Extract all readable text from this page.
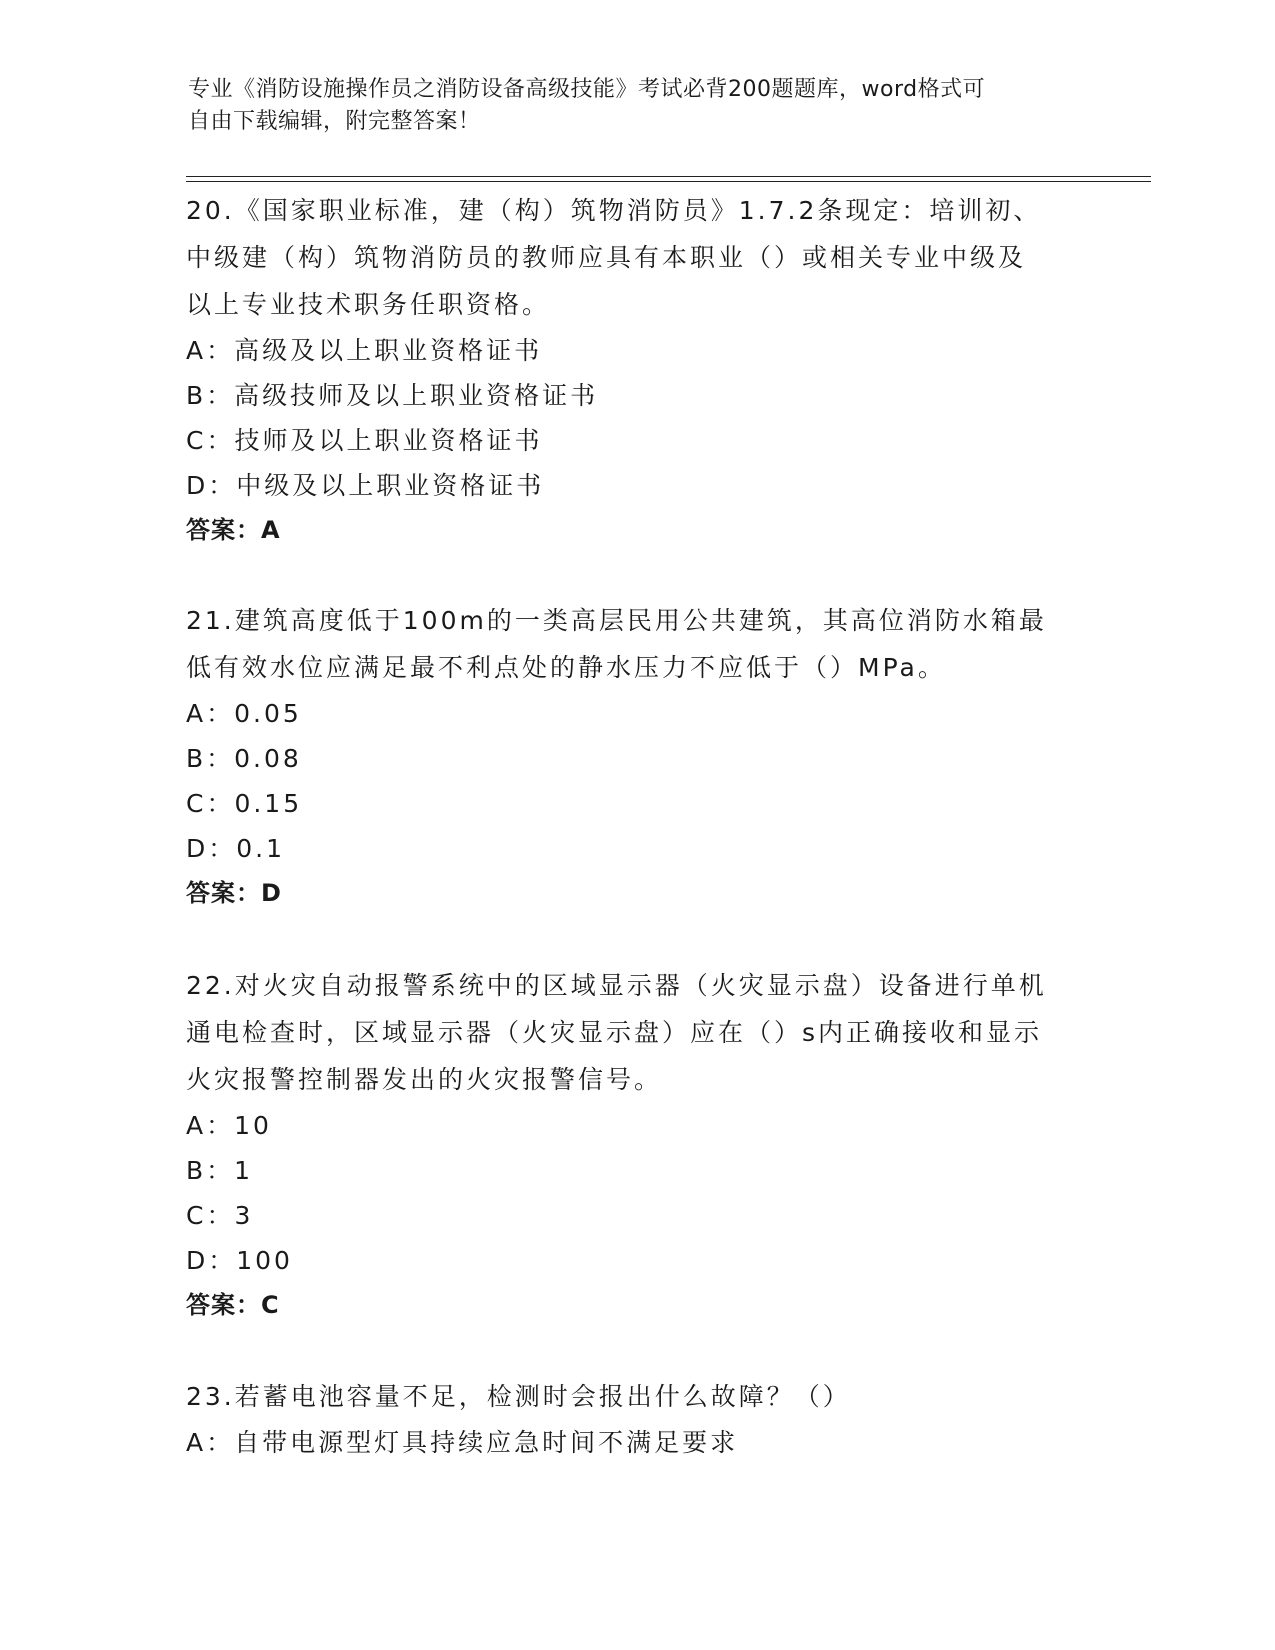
专业《消防设施操作员之消防设备高级技能》考试必背200题题库，word格式可
自由下载编辑，附完整答案！
20.《国家职业标准，建（构）筑物消防员》1.7.2条现定：培训初、
中级建（构）筑物消防员的教师应具有本职业（）或相关专业中级及
以上专业技术职务任职资格。
A：高级及以上职业资格证书
B：高级技师及以上职业资格证书
C：技师及以上职业资格证书
D：中级及以上职业资格证书
答案：A
21.建筑高度低于100m的一类高层民用公共建筑，其高位消防水箱最
低有效水位应满足最不利点处的静水压力不应低于（）MPa。
A：0.05
B：0.08
C：0.15
D：0.1
答案：D
22.对火灾自动报警系统中的区域显示器（火灾显示盘）设备进行单机
通电检查时，区域显示器（火灾显示盘）应在（）s内正确接收和显示
火灾报警控制器发出的火灾报警信号。
A：10
B：1
C：3
D：100
答案：C
23.若蓄电池容量不足，检测时会报出什么故障？（）
A：自带电源型灯具持续应急时间不满足要求
